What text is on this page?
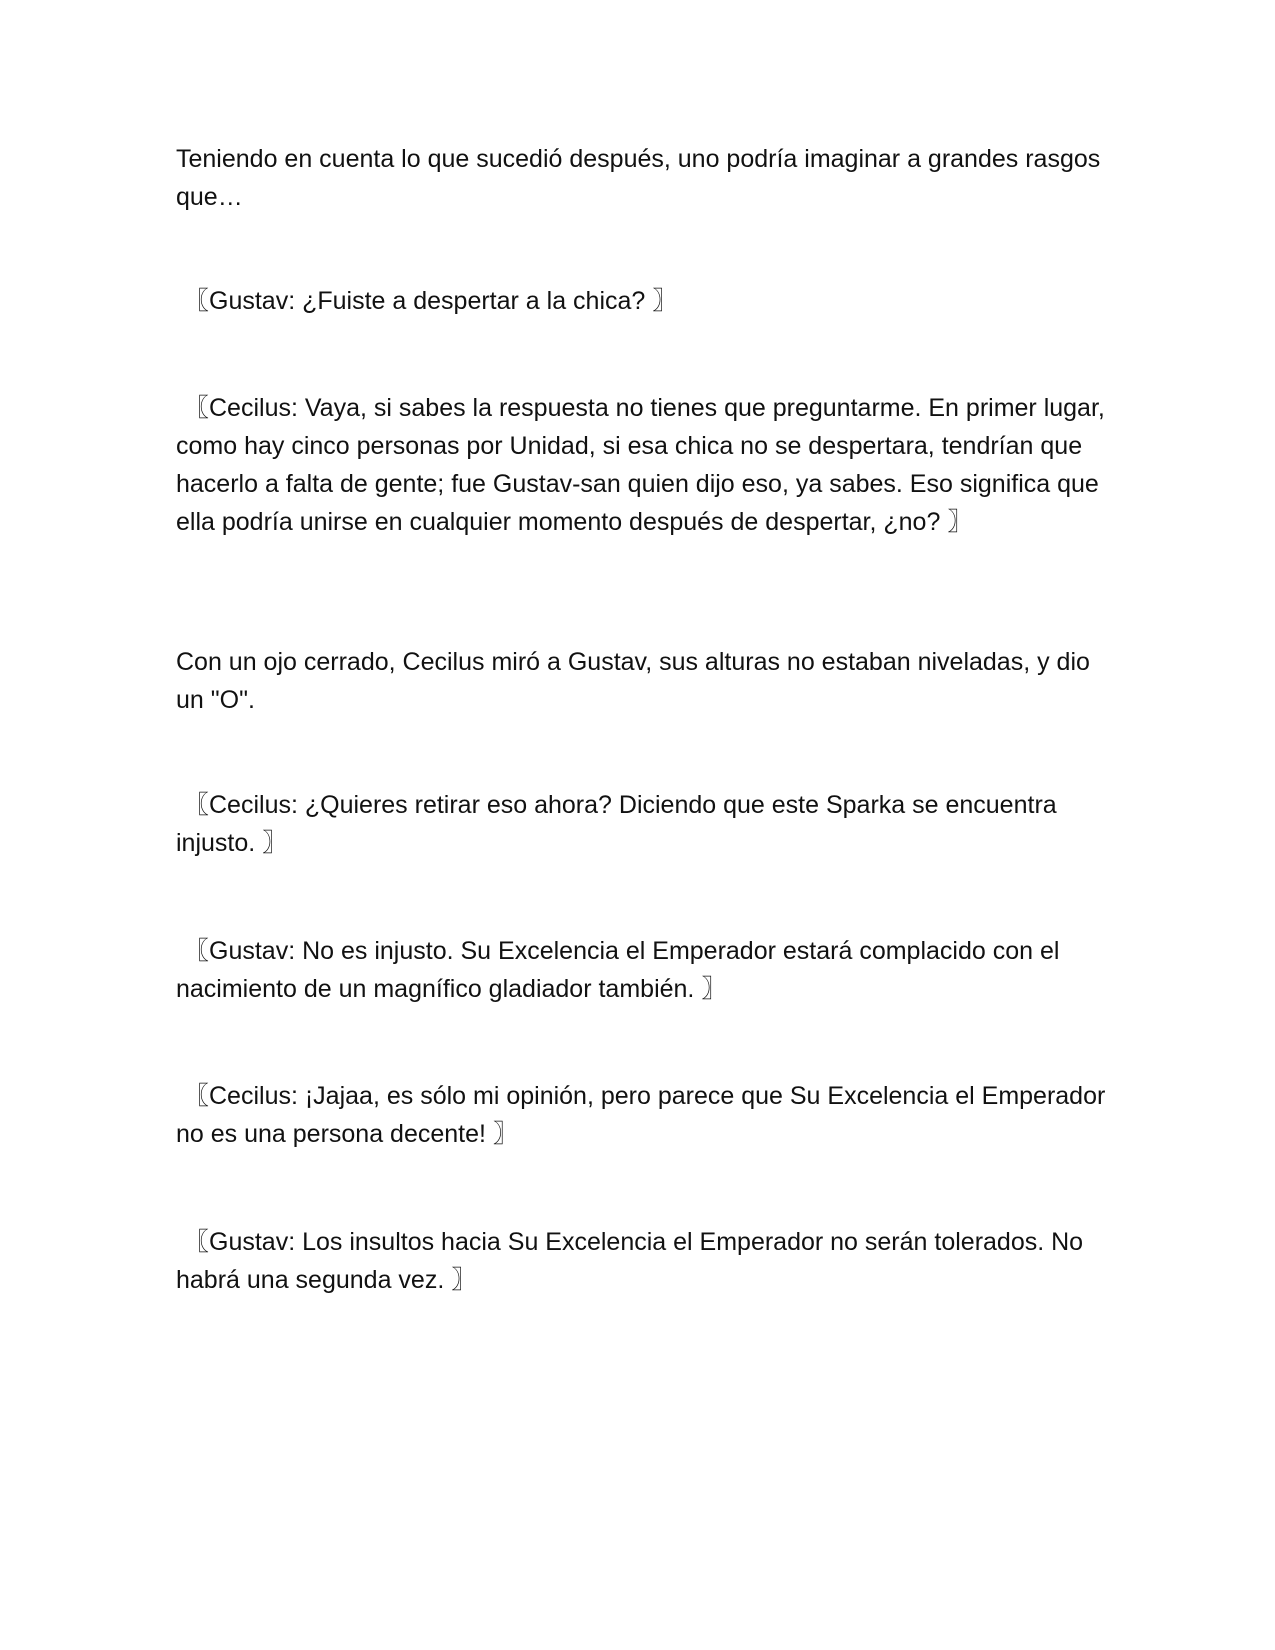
Teniendo en cuenta lo que sucedió después, uno podría imaginar a grandes rasgos que…

〖Gustav: ¿Fuiste a despertar a la chica? 〗

〖Cecilus: Vaya, si sabes la respuesta no tienes que preguntarme. En primer lugar, como hay cinco personas por Unidad, si esa chica no se despertara, tendrían que hacerlo a falta de gente; fue Gustav-san quien dijo eso, ya sabes. Eso significa que ella podría unirse en cualquier momento después de despertar, ¿no? 〗

Con un ojo cerrado, Cecilus miró a Gustav, sus alturas no estaban niveladas, y dio un "O".

〖Cecilus: ¿Quieres retirar eso ahora? Diciendo que este Sparka se encuentra injusto. 〗

〖Gustav: No es injusto. Su Excelencia el Emperador estará complacido con el nacimiento de un magnífico gladiador también. 〗

〖Cecilus: ¡Jajaa, es sólo mi opinión, pero parece que Su Excelencia el Emperador no es una persona decente! 〗

〖Gustav: Los insultos hacia Su Excelencia el Emperador no serán tolerados. No habrá una segunda vez. 〗
